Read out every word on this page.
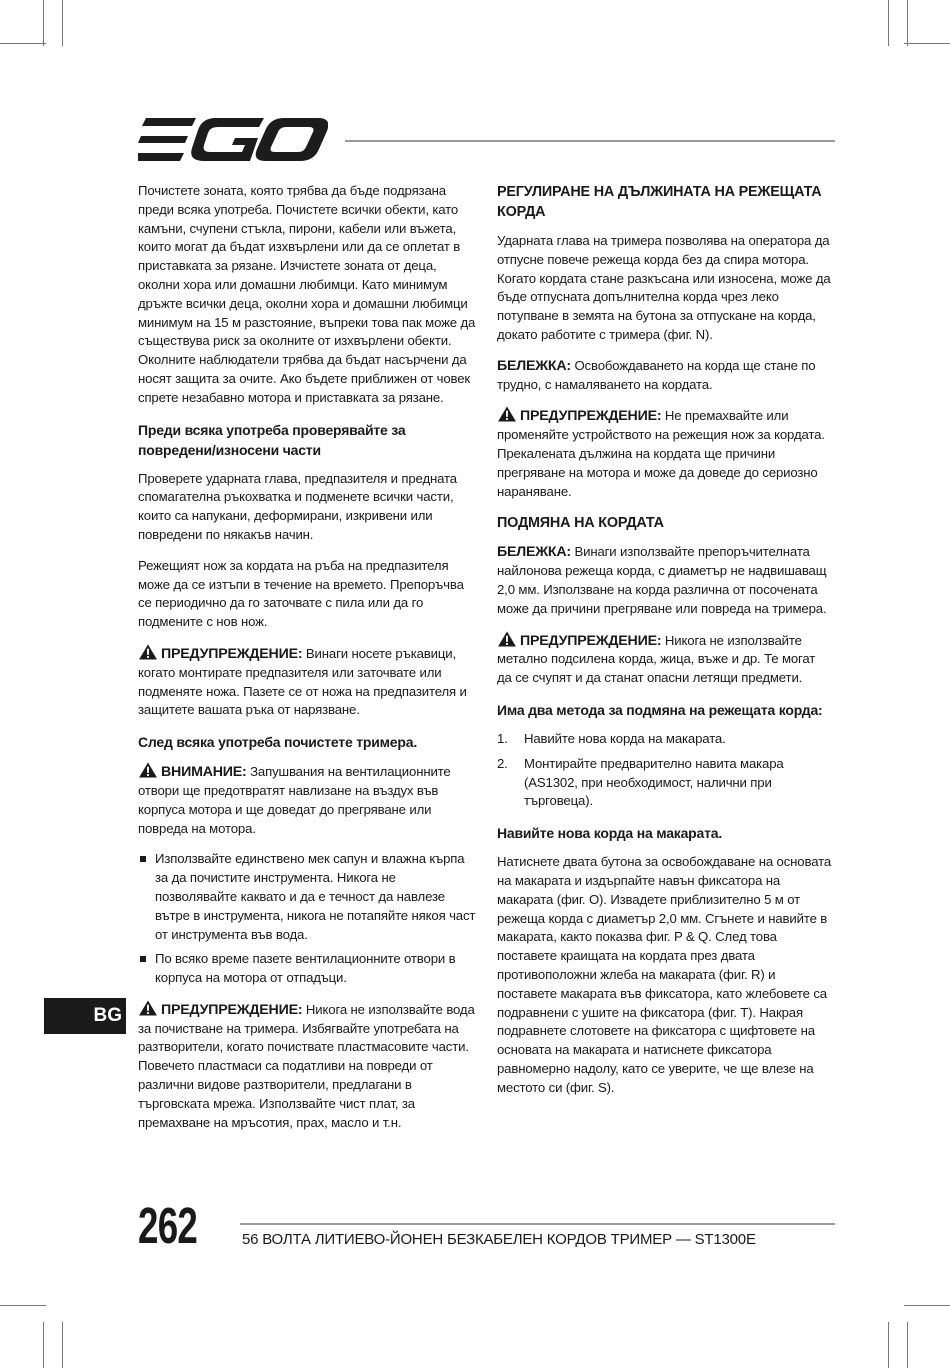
Почистете зоната, която трябва да бъде подрязана преди всяка употреба. Почистете всички обекти, като камъни, счупени стъкла, пирони, кабели или въжета, които могат да бъдат изхвърлени или да се оплетат в приставката за рязане. Изчистете зоната от деца, околни хора или домашни любимци. Като минимум дръжте всички деца, околни хора и домашни любимци минимум на 15 м разстояние, въпреки това пак може да съществува риск за околните от изхвърлени обекти. Околните наблюдатели трябва да бъдат насърчени да носят защита за очите. Ако бъдете приближен от човек спрете незабавно мотора и приставката за рязане.

Преди всяка употреба проверявайте за повредени/износени части

Проверете ударната глава, предпазителя и предната спомагателна ръкохватка и подменете всички части, които са напукани, деформирани, изкривени или повредени по някакъв начин.

Режещият нож за кордата на ръба на предпазителя може да се изтъпи в течение на времето. Препоръчва се периодично да го заточвате с пила или да го подмените с нов нож.

ПРЕДУПРЕЖДЕНИЕ: Винаги носете ръкавици, когато монтирате предпазителя или заточвате или подменяте ножа. Пазете се от ножа на предпазителя и защитете вашата ръка от нарязване.
След всяка употреба почистете тримера.
ВНИМАНИЕ: Запушвания на вентилационните отвори ще предотвратят навлизане на въздух във корпуса мотора и ще доведат до прегряване или повреда на мотора.
Използвайте единствено мек сапун и влажна кърпа за да почистите инструмента. Никога не позволявайте каквато и да е течност да навлезе вътре в инструмента, никога не потапяйте някоя част от инструмента във вода.
По всяко време пазете вентилационните отвори в корпуса на мотора от отпадъци.
ПРЕДУПРЕЖДЕНИЕ: Никога не използвайте вода за почистване на тримера. Избягвайте употребата на разтворители, когато почиствате пластмасовите части. Повечето пластмаси са податливи на повреди от различни видове разтворители, предлагани в търговската мрежа. Използвайте чист плат, за премахване на мръсотия, прах, масло и т.н.
РЕГУЛИРАНЕ НА ДЪЛЖИНАТА НА РЕЖЕЩАТА КОРДА

Ударната глава на тримера позволява на оператора да отпусне повече режеща корда без да спира мотора. Когато кордата стане разкъсана или износена, може да бъде отпусната допълнителна корда чрез леко потупване в земята на бутона за отпускане на корда, докато работите с тримера (фиг. N).

БЕЛЕЖКА: Освобождаването на корда ще стане по трудно, с намаляването на кордата.
ПРЕДУПРЕЖДЕНИЕ: Не премахвайте или променяйте устройството на режещия нож за кордата. Прекалената дължина на кордата ще причини прегряване на мотора и може да доведе до сериозно нараняване.
ПОДМЯНА НА КОРДАТА
БЕЛЕЖКА: Винаги използвайте препоръчителната найлонова режеща корда, с диаметър не надвишаващ 2,0 мм. Използване на корда различна от посочената може да причини прегряване или повреда на тримера.
ПРЕДУПРЕЖДЕНИЕ: Никога не използвайте метално подсилена корда, жица, въже и др. Те могат да се счупят и да станат опасни летящи предмети.
Има два метода за подмяна на режещата корда:
1. Навийте нова корда на макарата.
2. Монтирайте предварително навита макара (AS1302, при необходимост, налични при търговеца).
Навийте нова корда на макарата.

Натиснете двата бутона за освобождаване на основата на макарата и издърпайте навън фиксатора на макарата (фиг. O). Извадете приблизително 5 м от режеща корда с диаметър 2,0 мм. Сгънете и навийте в макарата, както показва фиг. P & Q. След това поставете краищата на кордата през двата противоположни жлеба на макарата (фиг. R) и поставете макарата във фиксатора, като жлебовете са подравнени с ушите на фиксатора (фиг. T). Накрая подравнете слотовете на фиксатора с щифтовете на основата на макарата и натиснете фиксатора равномерно надолу, като се уверите, че ще влезе на местото си (фиг. S).

BG
262	56 ВОЛТА ЛИТИЕВО-ЙОНЕН БЕЗКАБЕЛЕН КОРДОВ ТРИМЕР — ST1300E
